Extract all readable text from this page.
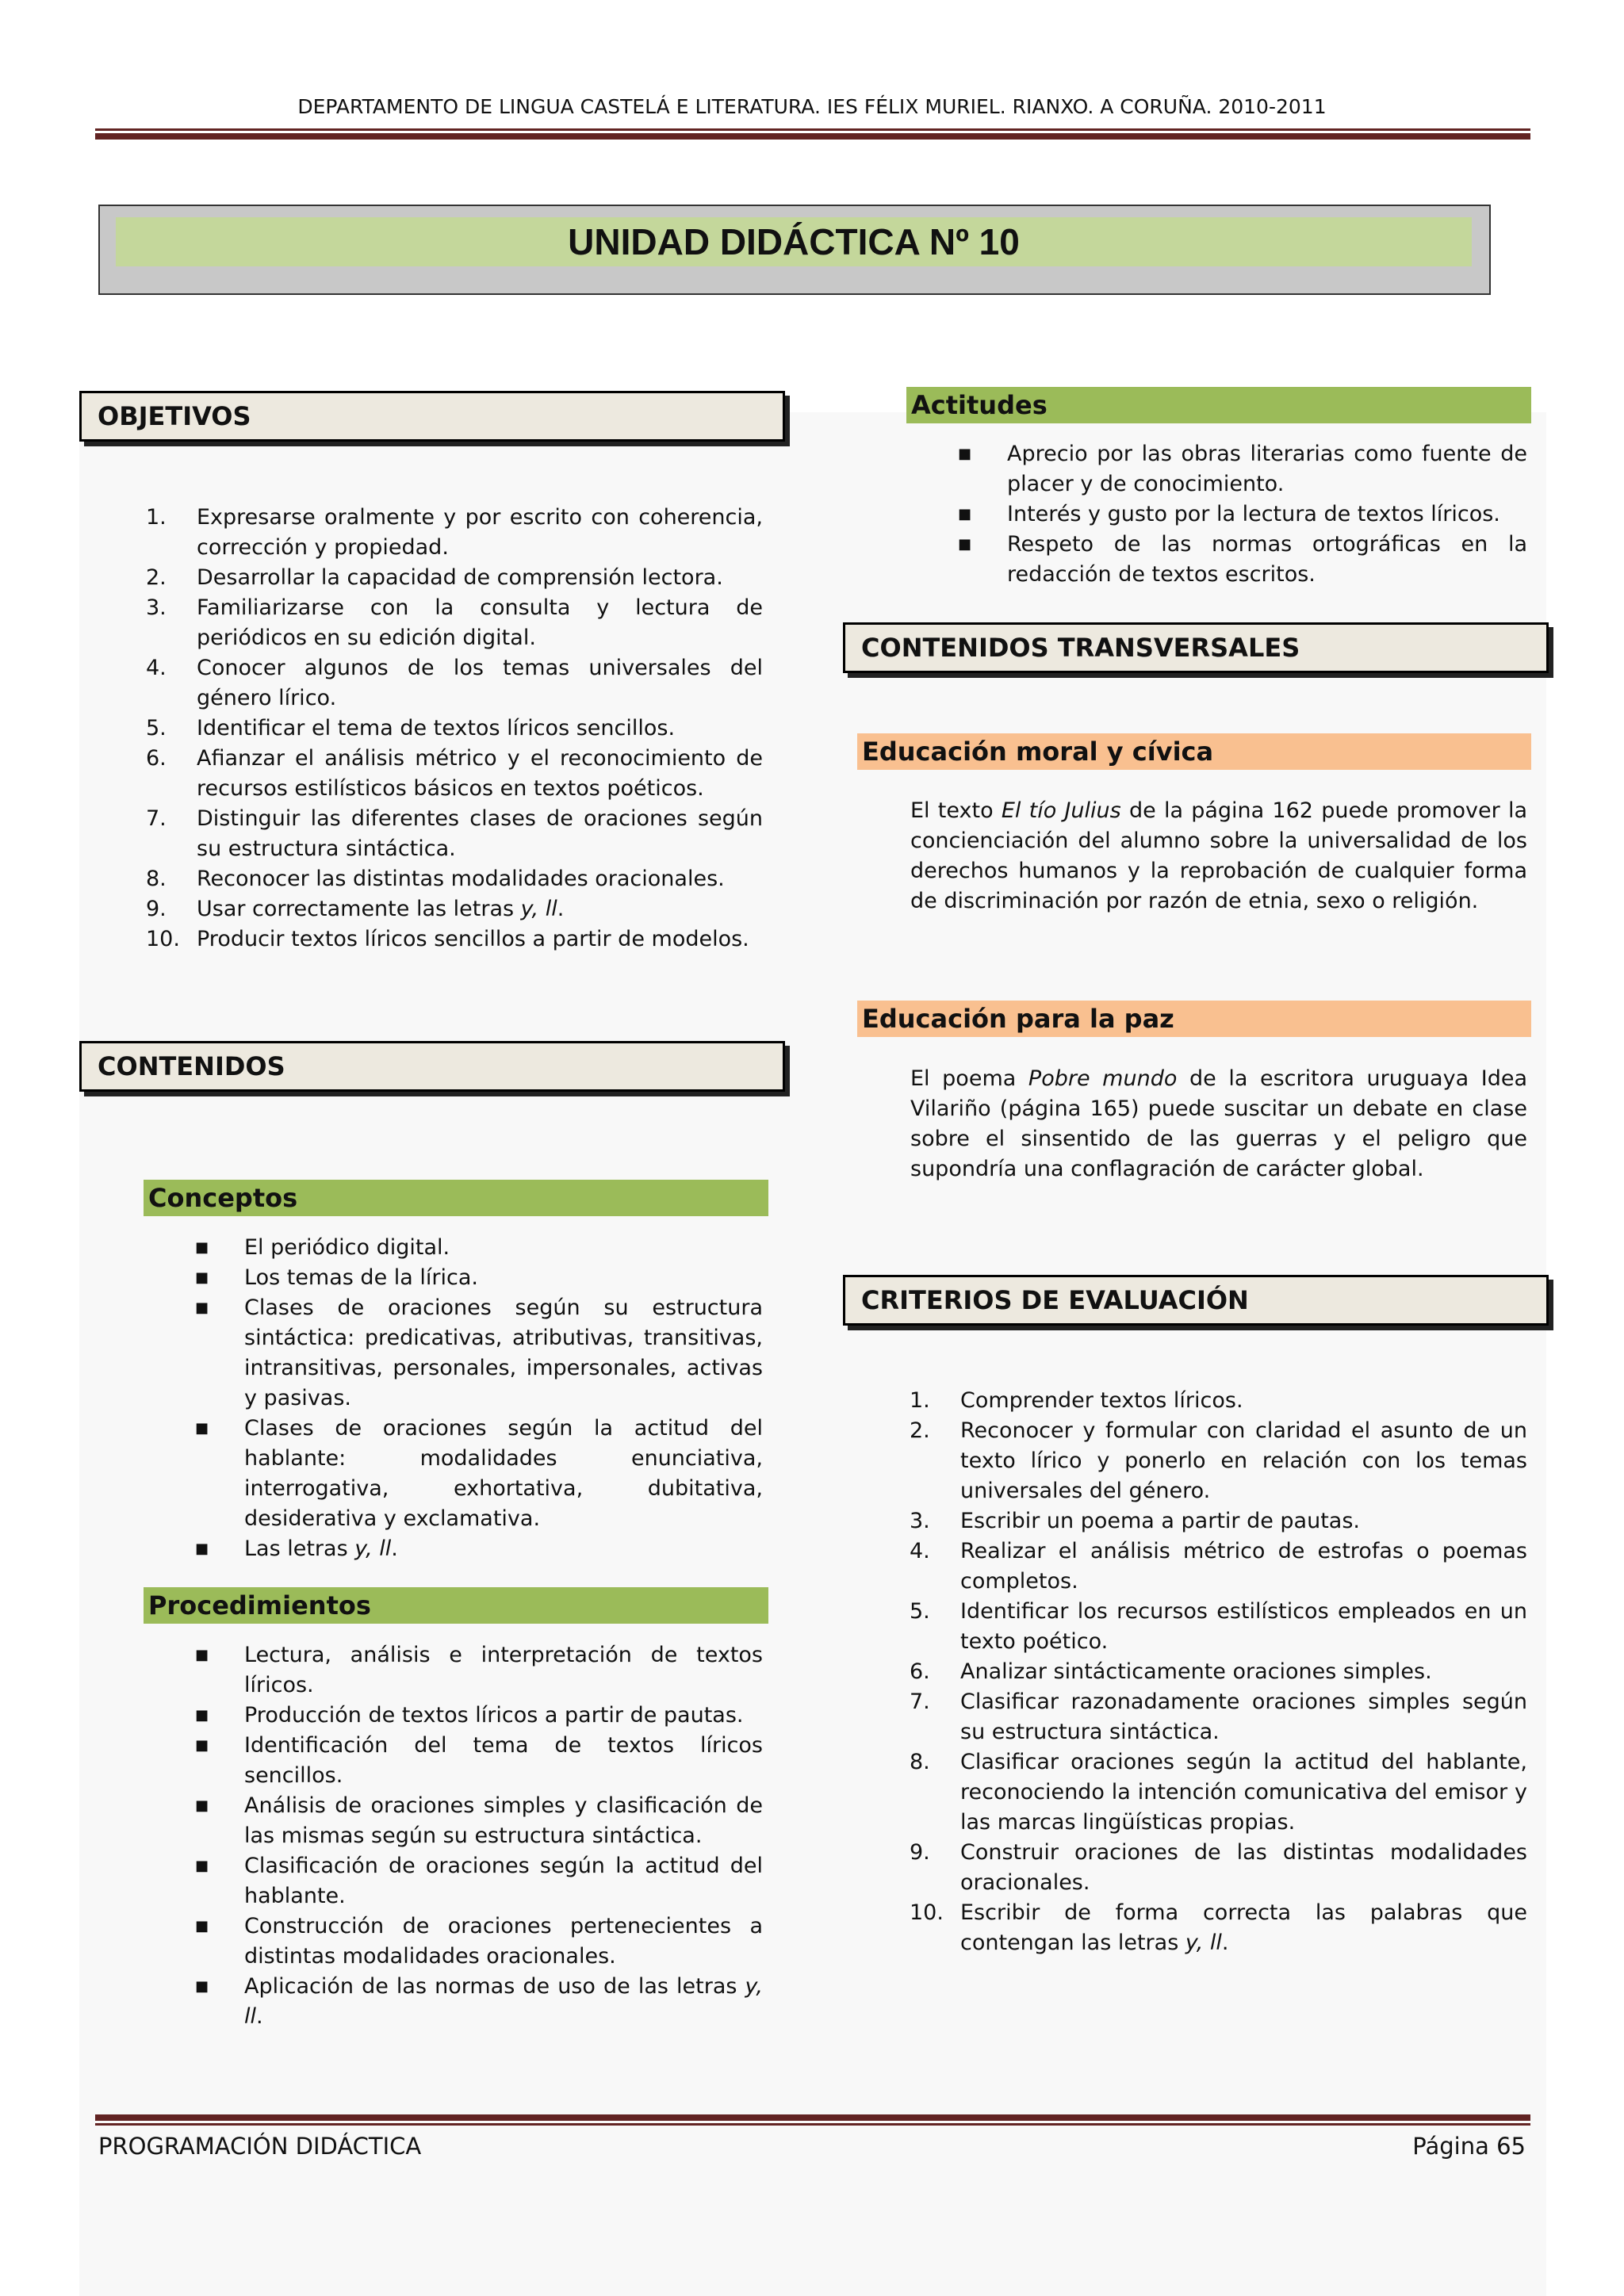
DEPARTAMENTO DE LINGUA CASTELÁ E LITERATURA. IES FÉLIX MURIEL. RIANXO. A CORUÑA. 2010-2011
UNIDAD DIDÁCTICA Nº 10
OBJETIVOS
1.	Expresarse oralmente y por escrito con coherencia, corrección y propiedad.
2.	Desarrollar la capacidad de comprensión lectora.
3.	Familiarizarse con la consulta y lectura de periódicos en su edición digital.
4.	Conocer algunos de los temas universales del género lírico.
5.	Identificar el tema de textos líricos sencillos.
6.	Afianzar el análisis métrico y el reconocimiento de recursos estilísticos básicos en textos poéticos.
7.	Distinguir las diferentes clases de oraciones según su estructura sintáctica.
8.	Reconocer las distintas modalidades oracionales.
9.	Usar correctamente las letras y, ll.
10. Producir textos líricos sencillos a partir de modelos.
CONTENIDOS
Conceptos
■ El periódico digital.
■ Los temas de la lírica.
■ Clases de oraciones según su estructura sintáctica: predicativas, atributivas, transitivas, intransitivas, personales, impersonales, activas y pasivas.
■ Clases de oraciones según la actitud del hablante: modalidades enunciativa, interrogativa, exhortativa, dubitativa, desiderativa y exclamativa.
■ Las letras y, ll.
Procedimientos
■ Lectura, análisis e interpretación de textos líricos.
■ Producción de textos líricos a partir de pautas.
■ Identificación del tema de textos líricos sencillos.
■ Análisis de oraciones simples y clasificación de las mismas según su estructura sintáctica.
■ Clasificación de oraciones según la actitud del hablante.
■ Construcción de oraciones pertenecientes a distintas modalidades oracionales.
■ Aplicación de las normas de uso de las letras y, ll.
Actitudes
■ Aprecio por las obras literarias como fuente de placer y de conocimiento.
■ Interés y gusto por la lectura de textos líricos.
■ Respeto de las normas ortográficas en la redacción de textos escritos.
CONTENIDOS TRANSVERSALES
Educación moral y cívica

El texto El tío Julius de la página 162 puede promover la concienciación del alumno sobre la universalidad de los derechos humanos y la reprobación de cualquier forma de discriminación por razón de etnia, sexo o religión.

Educación para la paz

El poema Pobre mundo de la escritora uruguaya Idea Vilariño (página 165) puede suscitar un debate en clase sobre el sinsentido de las guerras y el peligro que supondría una conflagración de carácter global.

CRITERIOS DE EVALUACIÓN
1.	Comprender textos líricos.
2.	Reconocer y formular con claridad el asunto de un texto lírico y ponerlo en relación con los temas universales del género.
3.	Escribir un poema a partir de pautas.
4.	Realizar el análisis métrico de estrofas o poemas completos.
5.	Identificar los recursos estilísticos empleados en un texto poético.
6.	Analizar sintácticamente oraciones simples.
7.	Clasificar razonadamente oraciones simples según su estructura sintáctica.
8.	Clasificar oraciones según la actitud del hablante, reconociendo la intención comunicativa del emisor y las marcas lingüísticas propias.
9.	Construir oraciones de las distintas modalidades oracionales.
10. Escribir de forma correcta las palabras que contengan las letras y, ll.
PROGRAMACIÓN DIDÁCTICA	Página 65
